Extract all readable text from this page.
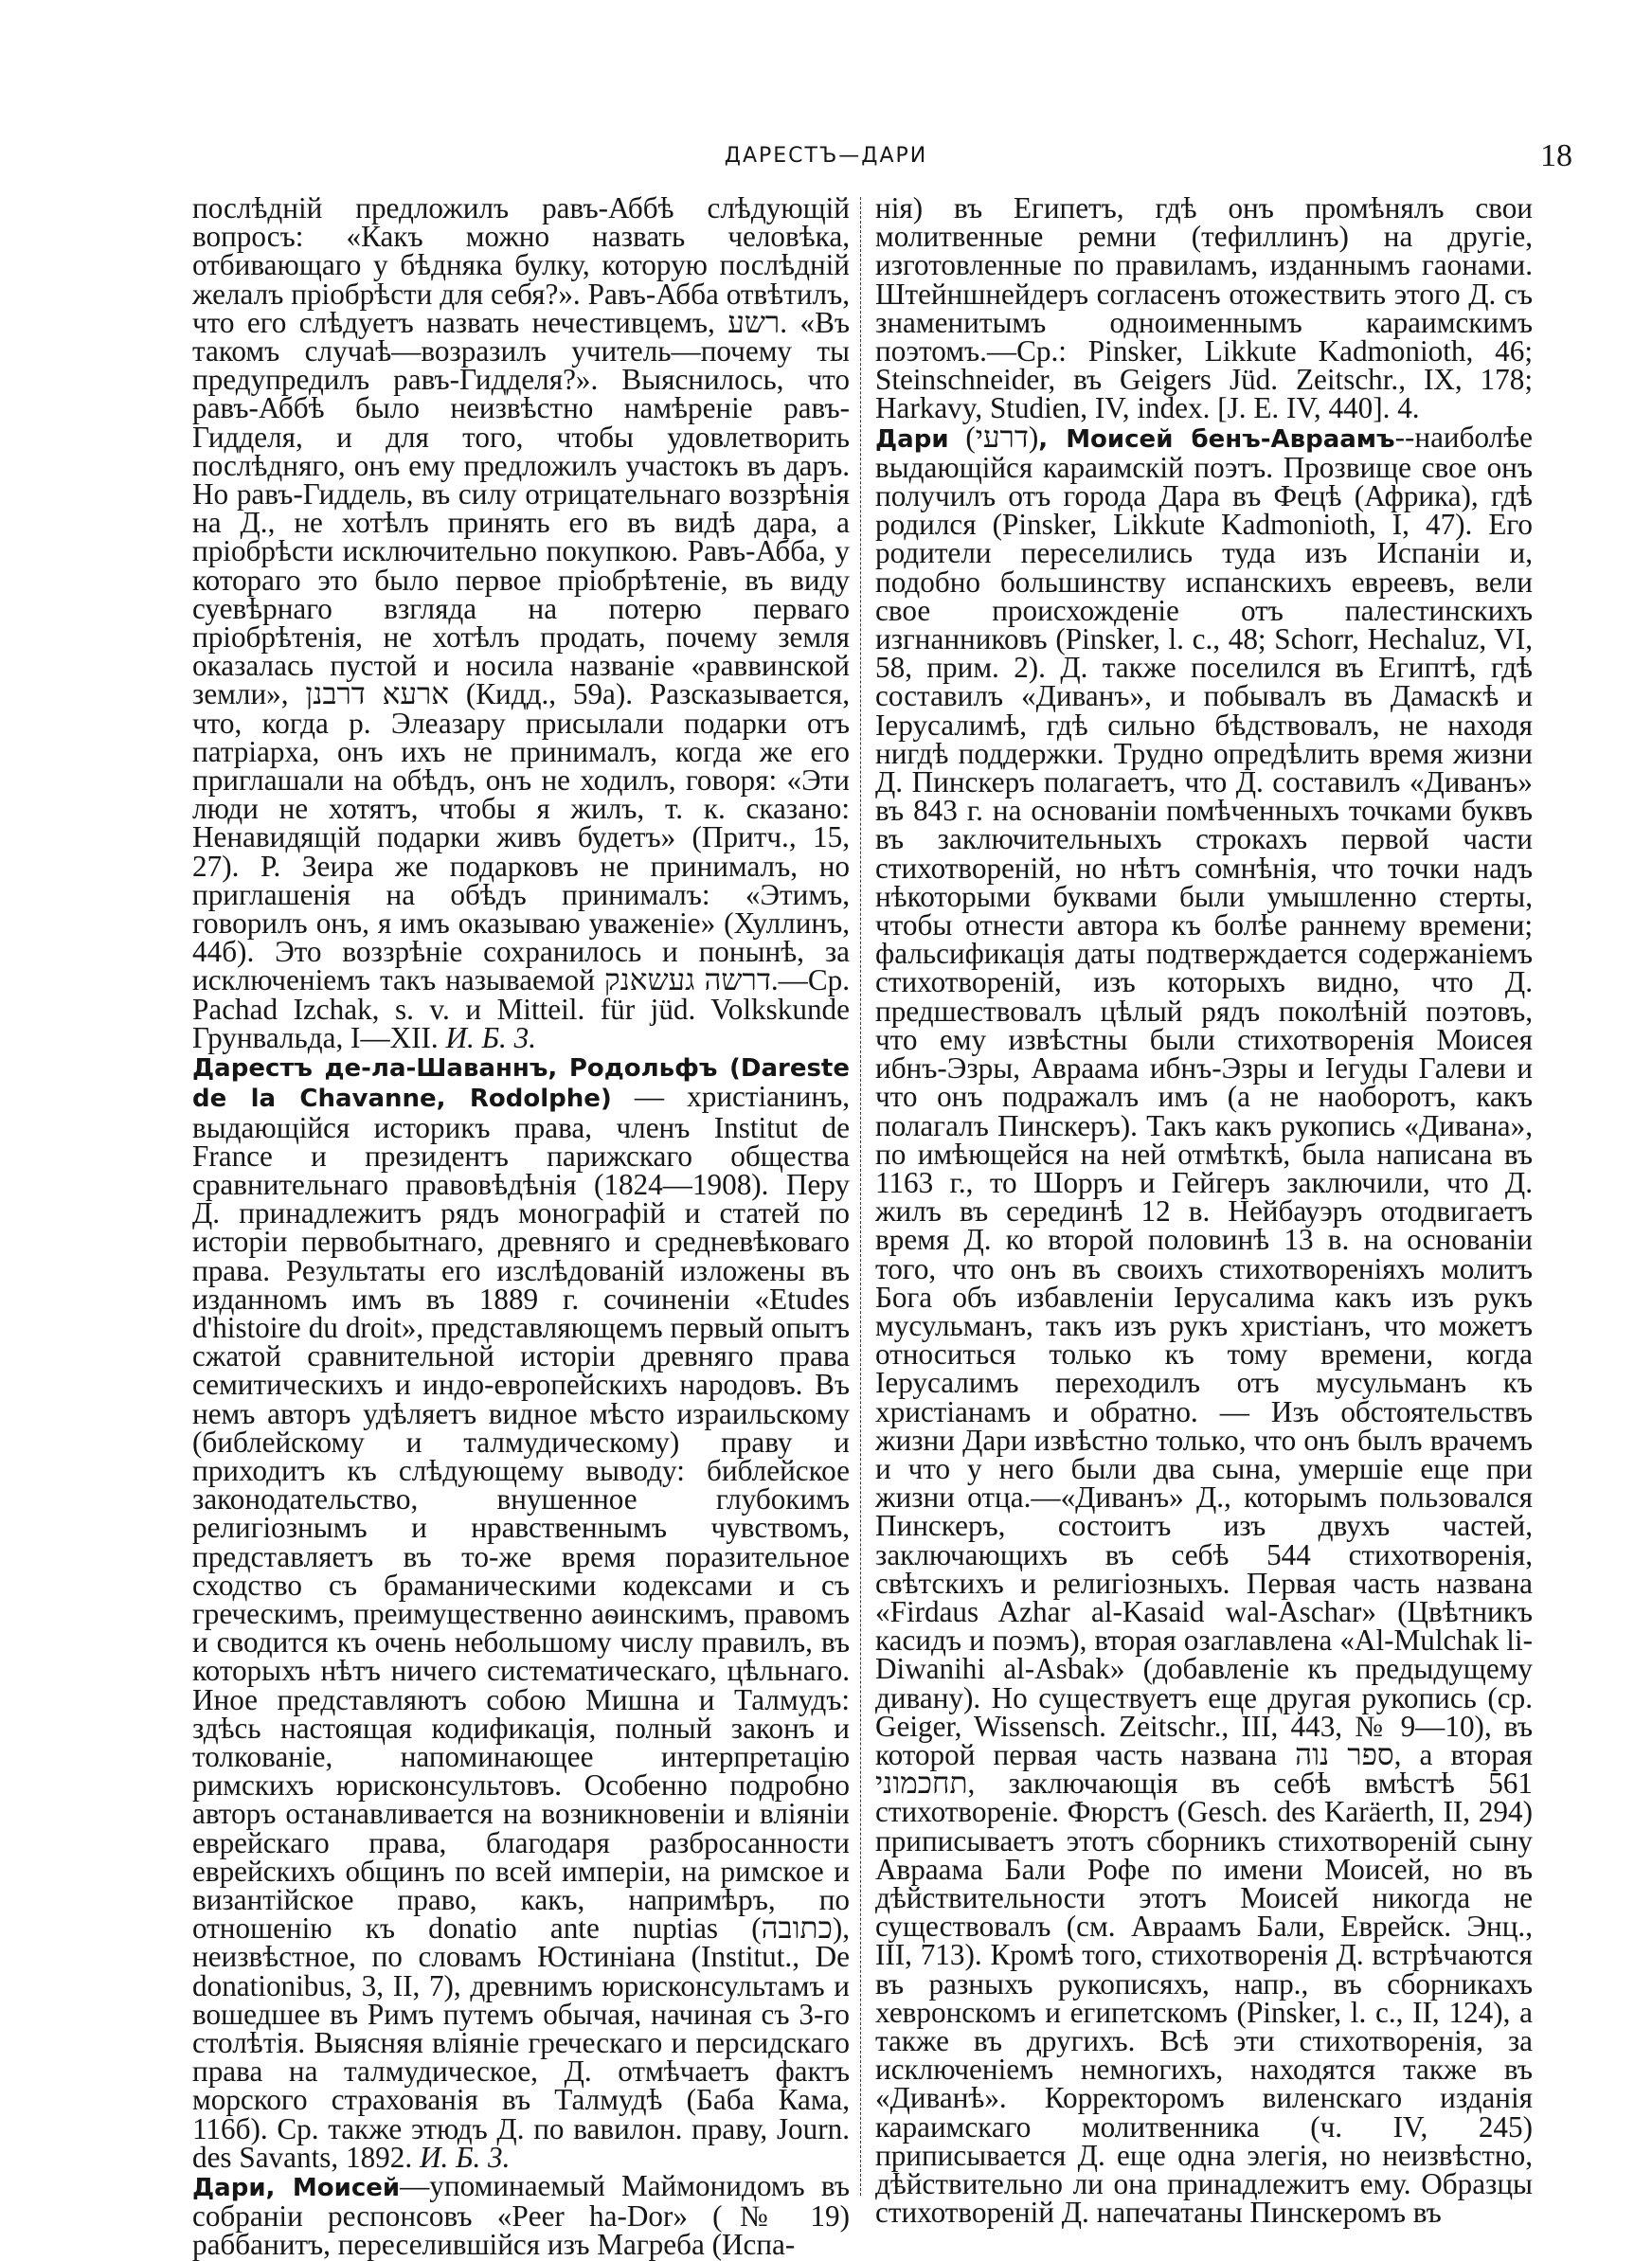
ДАРЕСТЪ—ДАРИ	18

послѣдній предложилъ равъ-Аббѣ слѣдующій вопросъ: «Какъ можно назвать человѣка, отбивающаго у бѣдняка булку, которую послѣдній желалъ пріобрѣсти для себя?». Равъ-Абба отвѣтилъ, что его слѣдуетъ назвать нечестивцемъ, רשע. «Въ такомъ случаѣ—возразилъ учитель—почему ты предупредилъ равъ-Гидделя?». Выяснилось, что равъ-Аббѣ было неизвѣстно намѣреніе равъ-Гидделя, и для того, чтобы удовлетворить послѣдняго, онъ ему предложилъ участокъ въ даръ. Но равъ-Гиддель, въ силу отрицательнаго воззрѣнія на Д., не хотѣлъ принять его въ видѣ дара, а пріобрѣсти исключительно покупкою. Равъ-Абба, у котораго это было первое пріобрѣтеніе, въ виду суевѣрнаго взгляда на потерю перваго пріобрѣтенія, не хотѣлъ продать, почему земля оказалась пустой и носила названіе «раввинской земли», ארעא דרבנן (Кидд., 59а). Разсказывается, что, когда р. Элеазару присылали подарки отъ патріарха, онъ ихъ не принималъ, когда же его приглашали на обѣдъ, онъ не ходилъ, говоря: «Эти люди не хотятъ, чтобы я жилъ, т. к. сказано: Ненавидящій подарки живъ будетъ» (Притч., 15, 27). Р. Зеира же подарковъ не принималъ, но приглашенія на обѣдъ принималъ: «Этимъ, говорилъ онъ, я имъ оказываю уваженіе» (Хуллинъ, 44б). Это воззрѣніе сохранилось и понынѣ, за исключеніемъ такъ называемой דרשה געשאנק.—Ср. Pachad Izchak, s. v. и Mitteil. für jüd. Volkskunde Грунвальда, I—XII. И. Б. 3.

Дарестъ де-ла-Шаваннъ, Родольфъ (Dareste de la Chavanne, Rodolphe) — христіанинъ, выдающійся историкъ права, членъ Institut de France и президентъ парижскаго общества сравнительнаго правовѣдѣнія (1824—1908). Перу Д. принадлежитъ рядъ монографій и статей по исторіи первобытнаго, древняго и средневѣковаго права. Результаты его изслѣдованій изложены въ изданномъ имъ въ 1889 г. сочиненіи «Etudes d'histoire du droit», представляющемъ первый опытъ сжатой сравнительной исторіи древняго права семитическихъ и индо-европейскихъ народовъ. Въ немъ авторъ удѣляетъ видное мѣсто израильскому (библейскому и талмудическому) праву и приходитъ къ слѣдующему выводу: библейское законодательство, внушенное глубокимъ религіознымъ и нравственнымъ чувствомъ, представляетъ въ то-же время поразительное сходство съ браманическими кодексами и съ греческимъ, преимущественно аѳинскимъ, правомъ и сводится къ очень небольшому числу правилъ, въ которыхъ нѣтъ ничего систематическаго, цѣльнаго. Иное представляютъ собою Мишна и Талмудъ: здѣсь настоящая кодификація, полный законъ и толкованіе, напоминающее интерпретацію римскихъ юрисконсультовъ. Особенно подробно авторъ останавливается на возникновеніи и вліяніи еврейскаго права, благодаря разбросанности еврейскихъ общинъ по всей имперіи, на римское и византійское право, какъ, напримѣръ, по отношенію къ donatio ante nuptias (כתובה), неизвѣстное, по словамъ Юстиніана (Institut., De donationibus, 3, II, 7), древнимъ юрисконсультамъ и вошедшее въ Римъ путемъ обычая, начиная съ 3-го столѣтія. Выясняя вліяніе греческаго и персидскаго права на талмудическое, Д. отмѣчаетъ фактъ морского страхованія въ Талмудѣ (Баба Кама, 116б). Ср. также этюдъ Д. по вавилон. праву, Journ. des Savants, 1892. И. Б. 3.

Дари, Моисей—упоминаемый Маймонидомъ въ собраніи респонсовъ «Peer ha-Dor» (№ 19) раббанитъ, переселившійся изъ Магреба (Испа-

нія) въ Египетъ, гдѣ онъ промѣнялъ свои молитвенные ремни (тефиллинъ) на другіе, изготовленные по правиламъ, изданнымъ гаонами. Штейншнейдеръ согласенъ отожествить этого Д. съ знаменитымъ одноименнымъ караимскимъ поэтомъ.—Ср.: Pinsker, Likkute Kadmonioth, 46; Steinschneider, въ Geigers Jüd. Zeitschr., IX, 178; Harkavy, Studien, IV, index. [J. E. IV, 440]. 4.

Дари (דרעי), Моисей бенъ-Авраамъ--наиболѣе выдающійся караимскій поэтъ. Прозвище свое онъ получилъ отъ города Дара въ Фецѣ (Африка), гдѣ родился (Pinsker, Likkute Kadmonioth, I, 47). Его родители переселились туда изъ Испаніи и, подобно большинству испанскихъ евреевъ, вели свое происхожденіе отъ палестинскихъ изгнанниковъ (Pinsker, l. c., 48; Schorr, Hechaluz, VI, 58, прим. 2). Д. также поселился въ Египтѣ, гдѣ составилъ «Диванъ», и побывалъ въ Дамаскѣ и Іерусалимѣ, гдѣ сильно бѣдствовалъ, не находя нигдѣ поддержки. Трудно опредѣлить время жизни Д. Пинскеръ полагаетъ, что Д. составилъ «Диванъ» въ 843 г. на основаніи помѣченныхъ точками буквъ въ заключительныхъ строкахъ первой части стихотвореній, но нѣтъ сомнѣнія, что точки надъ нѣкоторыми буквами были умышленно стерты, чтобы отнести автора къ болѣе раннему времени; фальсификація даты подтверждается содержаніемъ стихотвореній, изъ которыхъ видно, что Д. предшествовалъ цѣлый рядъ поколѣній поэтовъ, что ему извѣстны были стихотворенія Моисея ибнъ-Эзры, Авраама ибнъ-Эзры и Іегуды Галеви и что онъ подражалъ имъ (а не наоборотъ, какъ полагалъ Пинскеръ). Такъ какъ рукопись «Дивана», по имѣющейся на ней отмѣткѣ, была написана въ 1163 г., то Шорръ и Гейгеръ заключили, что Д. жилъ въ серединѣ 12 в. Нейбауэръ отодвигаетъ время Д. ко второй половинѣ 13 в. на основаніи того, что онъ въ своихъ стихотвореніяхъ молитъ Бога объ избавленіи Іерусалима какъ изъ рукъ мусульманъ, такъ изъ рукъ христіанъ, что можетъ относиться только къ тому времени, когда Іерусалимъ переходилъ отъ мусульманъ къ христіанамъ и обратно. — Изъ обстоятельствъ жизни Дари извѣстно только, что онъ былъ врачемъ и что у него были два сына, умершіе еще при жизни отца.—«Диванъ» Д., которымъ пользовался Пинскеръ, состоитъ изъ двухъ частей, заключающихъ въ себѣ 544 стихотворенія, свѣтскихъ и религіозныхъ. Первая часть названа «Firdaus Azhar al-Kasaid wal-Aschar» (Цвѣтникъ касидъ и поэмъ), вторая озаглавлена «Al-Mulchak li-Diwanihi al-Asbak» (добавленіе къ предыдущему дивану). Но существуетъ еще другая рукопись (ср. Geiger, Wissensch. Zeitschr., III, 443, № 9—10), въ которой первая часть названа ספר נוה, а вторая תחכמוני, заключающія въ себѣ вмѣстѣ 561 стихотвореніе. Фюрстъ (Gesch. des Karäerth, II, 294) приписываетъ этотъ сборникъ стихотвореній сыну Авраама Бали Рофе по имени Моисей, но въ дѣйствительности этотъ Моисей никогда не существовалъ (см. Авраамъ Бали, Еврейск. Энц., III, 713). Кромѣ того, стихотворенія Д. встрѣчаются въ разныхъ рукописяхъ, напр., въ сборникахъ хевронскомъ и египетскомъ (Pinsker, l. c., II, 124), а также въ другихъ. Всѣ эти стихотворенія, за исключеніемъ немногихъ, находятся также въ «Диванѣ». Корректоромъ виленскаго изданія караимскаго молитвенника (ч. IV, 245) приписывается Д. еще одна элегія, но неизвѣстно, дѣйствительно ли она принадлежитъ ему. Образцы стихотвореній Д. напечатаны Пинскеромъ въ
